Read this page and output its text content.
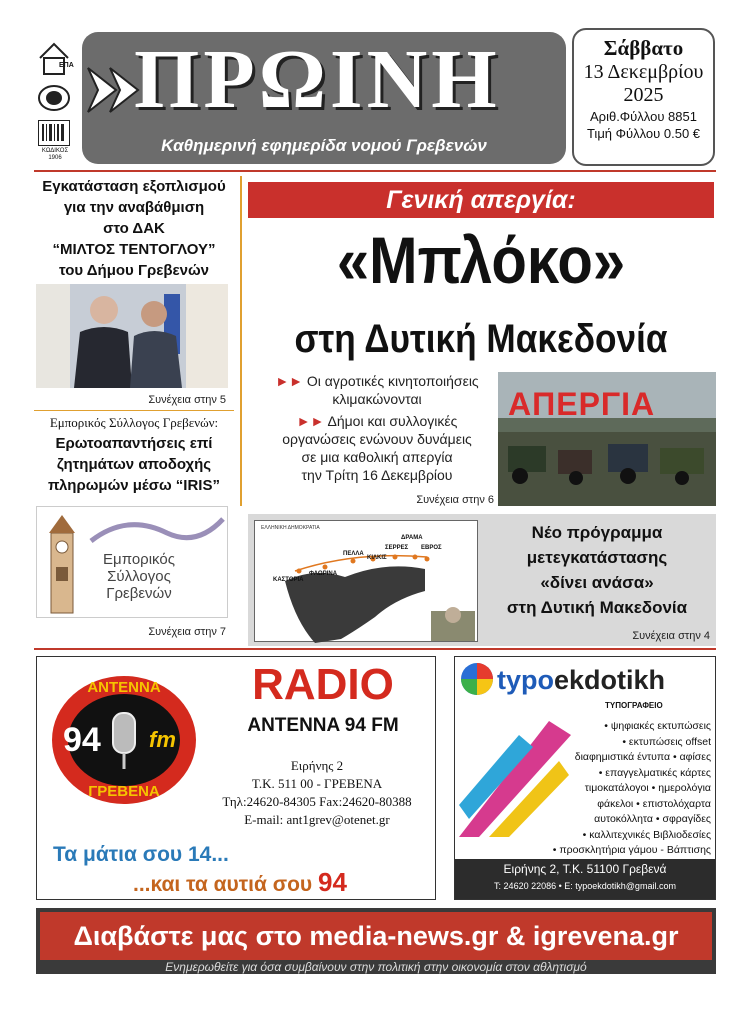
ΕΠΑ
ΚΩΔΙΚΟΣ
1906
ΠΡΩΙΝΗ
Καθημερινή εφημερίδα νομού Γρεβενών
Σάββατο
13 Δεκεμβρίου
2025
Αριθ.Φύλλου 8851
Τιμή Φύλλου 0.50 €
Εγκατάσταση εξοπλισμού
για την αναβάθμιση
στο ΔΑΚ
“ΜΙΛΤΟΣ ΤΕΝΤΟΓΛΟΥ”
του Δήμου Γρεβενών
Συνέχεια στην 5
Εμπορικός Σύλλογος Γρεβενών:
Ερωτοαπαντήσεις επί
ζητημάτων αποδοχής
πληρωμών μέσω “IRIS”
Εμπορικός
Σύλλογος
Γρεβενών
Συνέχεια στην 7
Γενική απεργία:
«Μπλόκο»
στη Δυτική Μακεδονία
►► Οι αγροτικές κινητοποιήσεις
κλιμακώνονται
►► Δήμοι και συλλογικές
οργανώσεις ενώνουν δυνάμεις
σε μια καθολική απεργία
την Τρίτη 16 Δεκεμβρίου
Συνέχεια στην 6
ΑΠΕΡΓΙΑ
ΕΛΛΗΝΙΚΗ ΔΗΜΟΚΡΑΤΙΑ
ΚΑΣΤΟΡΙΑ
ΦΛΩΡΙΝΑ
ΠΕΛΛΑ
ΚΙΛΚΙΣ
ΣΕΡΡΕΣ
ΔΡΑΜΑ
ΕΒΡΟΣ
Νέο πρόγραμμα
μετεγκατάστασης
«δίνει ανάσα»
στη Δυτική Μακεδονία
Συνέχεια στην 4
ΑΝΤΕΝΝΑ
94 fm
ΓΡΕΒΕΝΑ
RADIO
ANTENNA 94 FM
Ειρήνης 2
Τ.Κ. 511 00 - ΓΡΕΒΕΝΑ
Τηλ:24620-84305 Fax:24620-80388
E-mail: ant1grev@otenet.gr
Τα μάτια σου 14...
...και τα αυτιά σου 94
typoekdotikh
ΤΥΠΟΓΡΑΦΕΙΟ
• ψηφιακές εκτυπώσεις
• εκτυπώσεις offset
διαφημιστικά έντυπα • αφίσες
• επαγγελματικές κάρτες
τιμοκατάλογοι • ημερολόγια
φάκελοι • επιστολόχαρτα
αυτοκόλλητα • σφραγίδες
• καλλιτεχνικές Βιβλιοδεσίες
• προσκλητήρια γάμου - Βάπτισης
Ειρήνης 2, Τ.Κ. 51100 Γρεβενά
Τ: 24620 22086 • E: typoekdotikh@gmail.com
Διαβάστε μας στο media-news.gr & igrevena.gr
Ενημερωθείτε για όσα συμβαίνουν στην πολιτική στην οικονομία στον αθλητισμό
